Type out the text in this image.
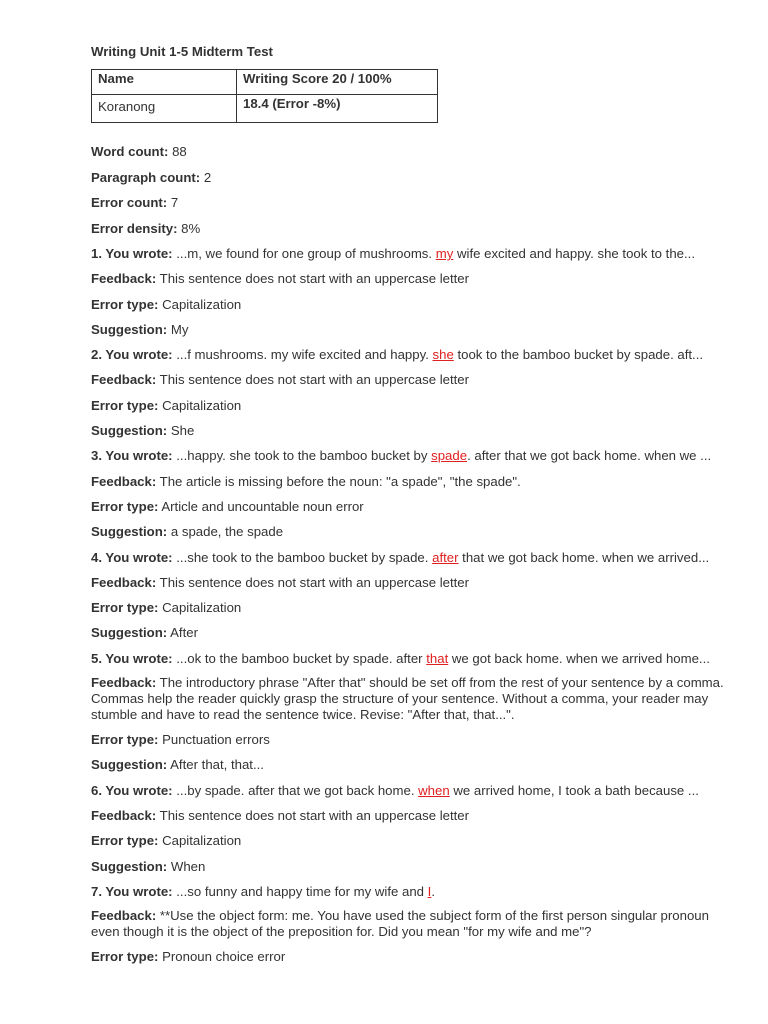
Writing Unit 1-5 Midterm Test

Name	Writing Score 20 / 100%
Koranong	18.4 (Error -8%)

Word count: 88

Paragraph count: 2

Error count: 7

Error density: 8%

1. You wrote: ...m, we found for one group of mushrooms. my wife excited and happy. she took to the...

Feedback: This sentence does not start with an uppercase letter

Error type: Capitalization

Suggestion: My

2. You wrote: ...f mushrooms. my wife excited and happy. she took to the bamboo bucket by spade. aft...

Feedback: This sentence does not start with an uppercase letter

Error type: Capitalization

Suggestion: She

3. You wrote: ...happy. she took to the bamboo bucket by spade. after that we got back home. when we ...

Feedback: The article is missing before the noun: "a spade", "the spade".

Error type: Article and uncountable noun error

Suggestion: a spade, the spade

4. You wrote: ...she took to the bamboo bucket by spade. after that we got back home. when we arrived...

Feedback: This sentence does not start with an uppercase letter

Error type: Capitalization

Suggestion: After

5. You wrote: ...ok to the bamboo bucket by spade. after that we got back home. when we arrived home...

Feedback: The introductory phrase "After that" should be set off from the rest of your sentence by a comma. Commas help the reader quickly grasp the structure of your sentence. Without a comma, your reader may stumble and have to read the sentence twice. Revise: "After that, that...".

Error type: Punctuation errors

Suggestion: After that, that...

6. You wrote: ...by spade. after that we got back home. when we arrived home, I took a bath because ...

Feedback: This sentence does not start with an uppercase letter

Error type: Capitalization

Suggestion: When

7. You wrote: ...so funny and happy time for my wife and I.

Feedback: **Use the object form: me. You have used the subject form of the first person singular pronoun even though it is the object of the preposition for. Did you mean "for my wife and me"?

Error type: Pronoun choice error
